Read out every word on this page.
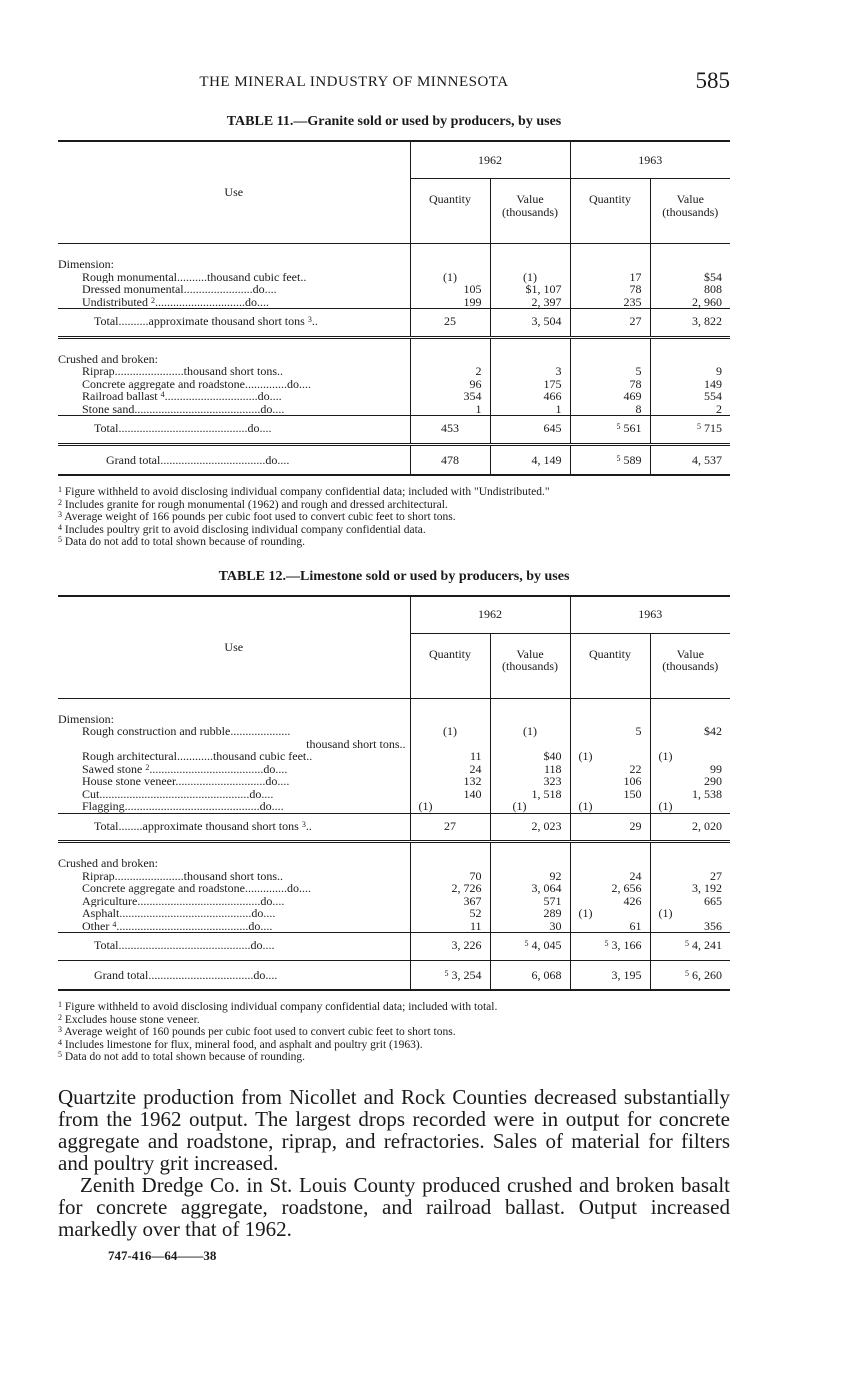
THE MINERAL INDUSTRY OF MINNESOTA	585
TABLE 11.—Granite sold or used by producers, by uses
Use	1962		1963	
	Quantity	Value (thousands)	Quantity	Value (thousands)
Dimension:				
Rough monumental..........thousand cubic feet..	(1)	(1)	17	$54
Dressed monumental.......................do....	105	$1, 107	78	808
Undistributed $^2$..............................do....	199	2, 397	235	2, 960
Total..........approximate thousand short tons $^3$..	25	3, 504	27	3, 822
Crushed and broken:				
Riprap.......................thousand short tons..	2	3	5	9
Concrete aggregate and roadstone..............do....	96	175	78	149
Railroad ballast $^4$...............................do....	354	466	469	554
Stone sand..........................................do....	1	1	8	2
Total...........................................do....	453	645	$^5$ 561	$^5$ 715
Grand total...................................do....	478	4, 149	$^5$ 589	4, 537
$^1$ Figure withheld to avoid disclosing individual company confidential data; included with "Undistributed."
$^2$ Includes granite for rough monumental (1962) and rough and dressed architectural.
$^3$ Average weight of 166 pounds per cubic foot used to convert cubic feet to short tons.
$^4$ Includes poultry grit to avoid disclosing individual company confidential data.
$^5$ Data do not add to total shown because of rounding.
TABLE 12.—Limestone sold or used by producers, by uses
Use	1962		1963	
	Quantity	Value (thousands)	Quantity	Value (thousands)
Dimension:				
Rough construction and rubble....................	(1)	(1)	5	$42
thousand short tons..				
Rough architectural............thousand cubic feet..	11	$40	(1)	(1)
Sawed stone $^2$......................................do....	24	118	22	99
House stone veneer..............................do....	132	323	106	290
Cut..................................................do....	140	1, 518	150	1, 538
Flagging.............................................do....	(1)	(1)	(1)	(1)
Total........approximate thousand short tons $^3$..	27	2, 023	29	2, 020
Crushed and broken:				
Riprap.......................thousand short tons..	70	92	24	27
Concrete aggregate and roadstone..............do....	2, 726	3, 064	2, 656	3, 192
Agriculture.........................................do....	367	571	426	665
Asphalt............................................do....	52	289	(1)	(1)
Other $^4$............................................do....	11	30	61	356
Total............................................do....	3, 226	$^5$ 4, 045	$^5$ 3, 166	$^5$ 4, 241
Grand total...................................do....	$^5$ 3, 254	6, 068	3, 195	$^5$ 6, 260
$^1$ Figure withheld to avoid disclosing individual company confidential data; included with total.
$^2$ Excludes house stone veneer.
$^3$ Average weight of 160 pounds per cubic foot used to convert cubic feet to short tons.
$^4$ Includes limestone for flux, mineral food, and asphalt and poultry grit (1963).
$^5$ Data do not add to total shown because of rounding.

Quartzite production from Nicollet and Rock Counties decreased substantially from the 1962 output. The largest drops recorded were in output for concrete aggregate and roadstone, riprap, and refractories. Sales of material for filters and poultry grit increased.

Zenith Dredge Co. in St. Louis County produced crushed and broken basalt for concrete aggregate, roadstone, and railroad ballast. Output increased markedly over that of 1962.

747-416—64——38
